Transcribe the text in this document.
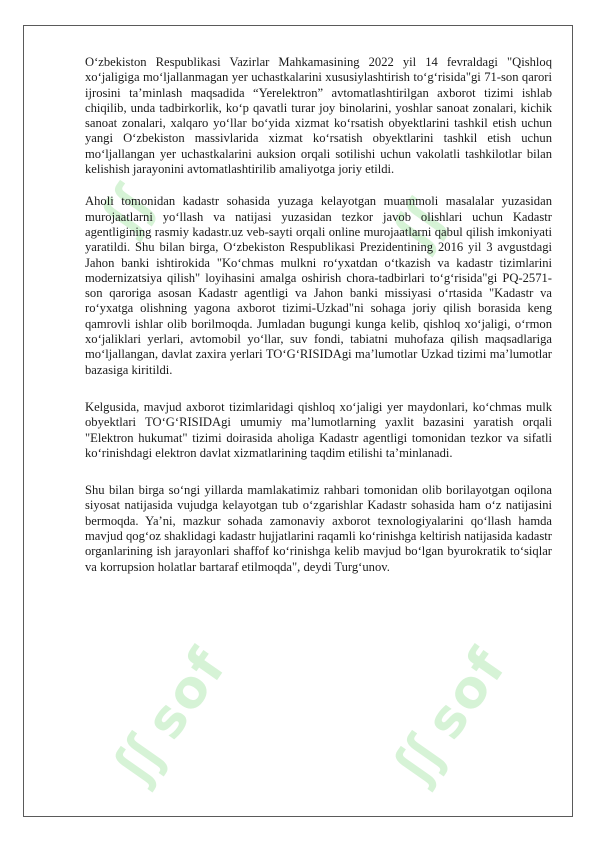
ʃʃ	ʃʃ
ʃʃ sof
ʃʃ sof

O‘zbekiston Respublikasi Vazirlar Mahkamasining 2022 yil 14 fevraldagi "Qishloq xo‘jaligiga mo‘ljallanmagan yer uchastkalarini xususiylashtirish to‘g‘risida"gi 71-son qarori ijrosini ta’minlash maqsadida “Yerelektron” avtomatlashtirilgan axborot tizimi ishlab chiqilib, unda tadbirkorlik, ko‘p qavatli turar joy binolarini, yoshlar sanoat zonalari, kichik sanoat zonalari, xalqaro yo‘llar bo‘yida xizmat ko‘rsatish obyektlarini tashkil etish uchun yangi O‘zbekiston massivlarida xizmat ko‘rsatish obyektlarini tashkil etish uchun mo‘ljallangan yer uchastkalarini auksion orqali sotilishi uchun vakolatli tashkilotlar bilan kelishish jarayonini avtomatlashtirilib amaliyotga joriy etildi.

Aholi tomonidan kadastr sohasida yuzaga kelayotgan muammoli masalalar yuzasidan murojaatlarni yo‘llash va natijasi yuzasidan tezkor javob olishlari uchun Kadastr agentligining rasmiy kadastr.uz veb-sayti orqali online murojaatlarni qabul qilish imkoniyati yaratildi. Shu bilan birga, O‘zbekiston Respublikasi Prezidentining 2016 yil 3 avgustdagi Jahon banki ishtirokida "Ko‘chmas mulkni ro‘yxatdan o‘tkazish va kadastr tizimlarini modernizatsiya qilish" loyihasini amalga oshirish chora-tadbirlari to‘g‘risida"gi PQ-2571-son qaroriga asosan Kadastr agentligi va Jahon banki missiyasi o‘rtasida "Kadastr va ro‘yxatga olishning yagona axborot tizimi-Uzkad"ni sohaga joriy qilish borasida keng qamrovli ishlar olib borilmoqda. Jumladan bugungi kunga kelib, qishloq xo‘jaligi, o‘rmon xo‘jaliklari yerlari, avtomobil yo‘llar, suv fondi, tabiatni muhofaza qilish maqsadlariga mo‘ljallangan, davlat zaxira yerlari TO‘G‘RISIDAgi ma’lumotlar Uzkad tizimi ma’lumotlar bazasiga kiritildi.

Kelgusida, mavjud axborot tizimlaridagi qishloq xo‘jaligi yer maydonlari, ko‘chmas mulk obyektlari TO‘G‘RISIDAgi umumiy ma’lumotlarning yaxlit bazasini yaratish orqali "Elektron hukumat" tizimi doirasida aholiga Kadastr agentligi tomonidan tezkor va sifatli ko‘rinishdagi elektron davlat xizmatlarining taqdim etilishi ta’minlanadi.

Shu bilan birga so‘ngi yillarda mamlakatimiz rahbari tomonidan olib borilayotgan oqilona siyosat natijasida vujudga kelayotgan tub o‘zgarishlar Kadastr sohasida ham o‘z natijasini bermoqda. Ya’ni, mazkur sohada zamonaviy axborot texnologiyalarini qo‘llash hamda mavjud qog‘oz shaklidagi kadastr hujjatlarini raqamli ko‘rinishga keltirish natijasida kadastr organlarining ish jarayonlari shaffof ko‘rinishga kelib mavjud bo‘lgan byurokratik to‘siqlar va korrupsion holatlar bartaraf etilmoqda", deydi Turg‘unov.
